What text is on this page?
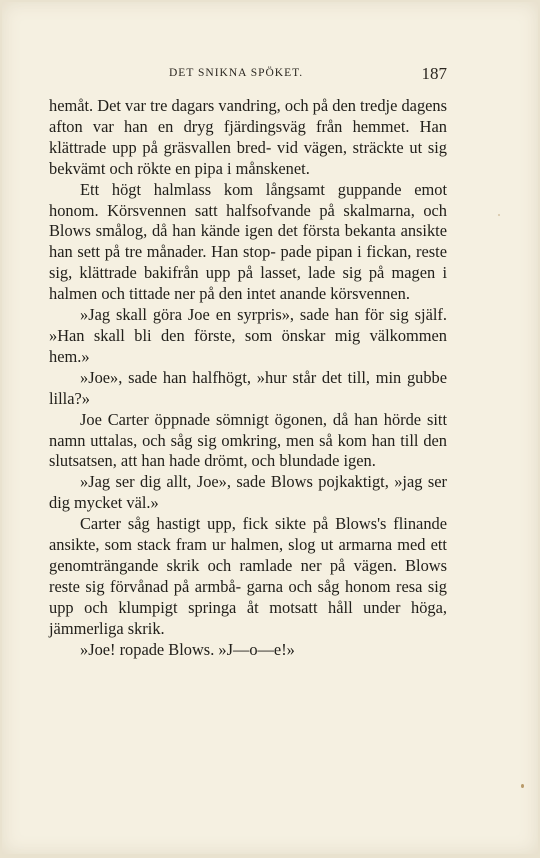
DET SNIKNA SPÖKET.	187

hemåt. Det var tre dagars vandring, och på den tredje dagens afton var han en dryg fjärdingsväg från hemmet. Han klättrade upp på gräsvallen bred- vid vägen, sträckte ut sig bekvämt och rökte en pipa i månskenet.

Ett högt halmlass kom långsamt guppande emot honom. Körsvennen satt halfsofvande på skalmarna, och Blows smålog, då han kände igen det första bekanta ansikte han sett på tre månader. Han stop- pade pipan i fickan, reste sig, klättrade bakifrån upp på lasset, lade sig på magen i halmen och tittade ner på den intet anande körsvennen.

»Jag skall göra Joe en syrpris», sade han för sig själf. »Han skall bli den förste, som önskar mig välkommen hem.»

»Joe», sade han halfhögt, »hur står det till, min gubbe lilla?»

Joe Carter öppnade sömnigt ögonen, då han hörde sitt namn uttalas, och såg sig omkring, men så kom han till den slutsatsen, att han hade drömt, och blundade igen.

»Jag ser dig allt, Joe», sade Blows pojkaktigt, »jag ser dig mycket väl.»

Carter såg hastigt upp, fick sikte på Blows's flinande ansikte, som stack fram ur halmen, slog ut armarna med ett genomträngande skrik och ramlade ner på vägen. Blows reste sig förvånad på armbå- garna och såg honom resa sig upp och klumpigt springa åt motsatt håll under höga, jämmerliga skrik.

»Joe! ropade Blows. »J—o—e!»
